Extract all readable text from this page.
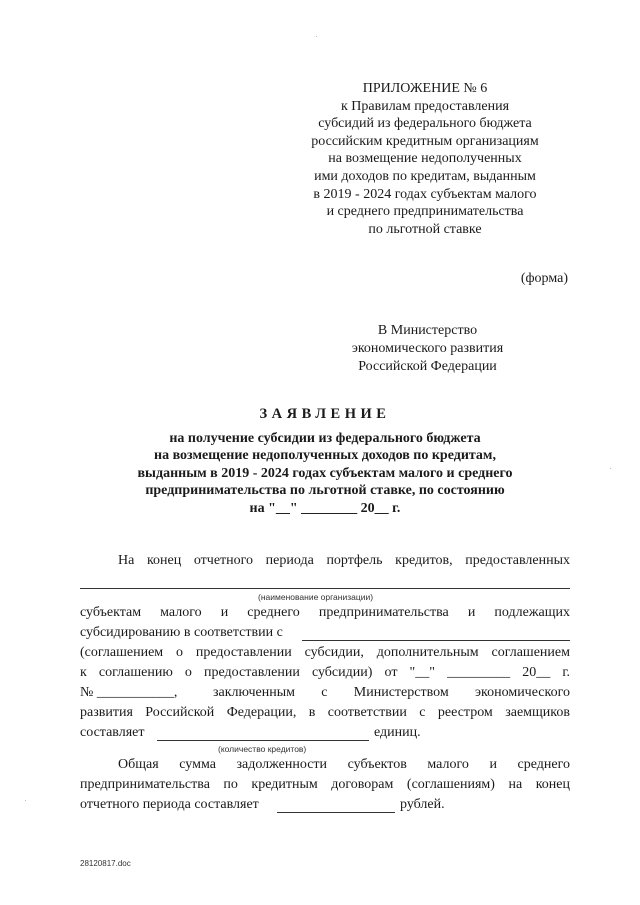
ПРИЛОЖЕНИЕ № 6
к Правилам предоставления
субсидий из федерального бюджета
российским кредитным организациям
на возмещение недополученных
ими доходов по кредитам, выданным
в 2019 - 2024 годах субъектам малого
и среднего предпринимательства
по льготной ставке
(форма)
В Министерство
экономического развития
Российской Федерации
ЗАЯВЛЕНИЕ
на получение субсидии из федерального бюджета
на возмещение недополученных доходов по кредитам,
выданным в 2019 - 2024 годах субъектам малого и среднего
предпринимательства по льготной ставке, по состоянию
на "__" ________ 20__ г.
На конец отчетного периода портфель кредитов, предоставленных
(наименование организации)
субъектам малого и среднего предпринимательства и подлежащих
субсидированию в соответствии с
(соглашением о предоставлении субсидии, дополнительным соглашением
к соглашению о предоставлении субсидии) от "__" _________ 20__ г.
№ ___________,	заключенным с Министерством экономического
развития Российской Федерации, в соответствии с реестром заемщиков
составляет	единиц.
(количество кредитов)
Общая сумма задолженности субъектов малого и среднего
предпринимательства по кредитным договорам (соглашениям) на конец
отчетного периода составляет	рублей.
28120817.doc
